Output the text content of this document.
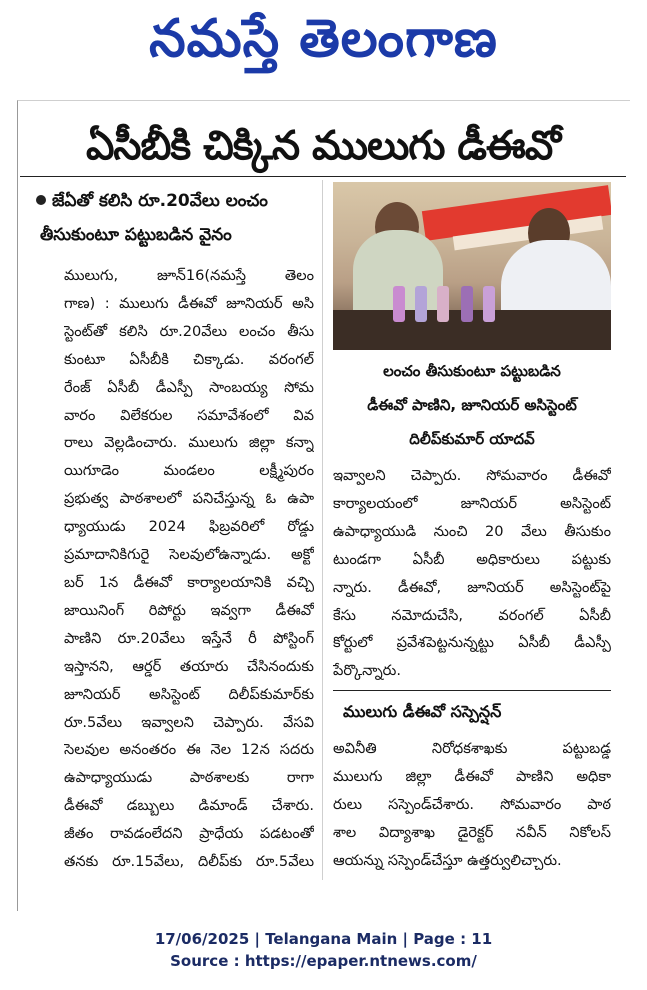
నమస్తే తెలంగాణ
ఏసీబీకి చిక్కిన ములుగు డీఈవో
జేఏతో కలిసి రూ.20వేలు లంచం
తీసుకుంటూ పట్టుబడిన వైనం
ములుగు, జూన్16(నమస్తే తెలం
గాణ) : ములుగు డీఈవో జూనియర్ అసి
స్టెంట్‌తో కలిసి రూ.20వేలు లంచం తీసు
కుంటూ ఏసీబీకి చిక్కాడు. వరంగల్
రేంజ్ ఏసీబీ డీఎస్పీ సాంబయ్య సోమ
వారం విలేకరుల సమావేశంలో వివ
రాలు వెల్లడించారు. ములుగు జిల్లా కన్నా
యిగూడెం మండలం లక్ష్మీపురం
ప్రభుత్వ పాఠశాలలో పనిచేస్తున్న ఓ ఉపా
ధ్యాయుడు 2024 ఫిబ్రవరిలో రోడ్డు
ప్రమాదానికిగురై సెలవులోఉన్నాడు. అక్టో
బర్ 1న డీఈవో కార్యాలయానికి వచ్చి
జాయినింగ్ రిపోర్టు ఇవ్వగా డీఈవో
పాణిని రూ.20వేలు ఇస్తేనే రీ పోస్టింగ్
ఇస్తానని, ఆర్డర్ తయారు చేసినందుకు
జూనియర్ అసిస్టెంట్ దిలీప్‌కుమార్‌కు
రూ.5వేలు ఇవ్వాలని చెప్పారు. వేసవి
సెలవుల అనంతరం ఈ నెల 12న సదరు
ఉపాధ్యాయుడు పాఠశాలకు రాగా
డీఈవో డబ్బులు డిమాండ్ చేశారు.
జీతం రావడంలేదని ప్రాధేయ పడటంతో
తనకు రూ.15వేలు, దిలీప్‌కు రూ.5వేలు
లంచం తీసుకుంటూ పట్టుబడిన
డీఈవో పాణిని, జూనియర్ అసిస్టెంట్
దిలీప్‌కుమార్ యాదవ్
ఇవ్వాలని చెప్పారు. సోమవారం డీఈవో
కార్యాలయంలో జూనియర్ అసిస్టెంట్
ఉపాధ్యాయుడి నుంచి 20 వేలు తీసుకుం
టుండగా ఏసీబీ అధికారులు పట్టుకు
న్నారు. డీఈవో, జూనియర్ అసిస్టెంట్‌పై
కేసు నమోదుచేసి, వరంగల్ ఏసీబీ
కోర్టులో ప్రవేశపెట్టనున్నట్టు ఏసీబీ డీఎస్పీ
పేర్కొన్నారు.
ములుగు డీఈవో సస్పెన్షన్
అవినీతి నిరోధకశాఖకు పట్టుబడ్డ
ములుగు జిల్లా డీఈవో పాణిని అధికా
రులు సస్పెండ్‌చేశారు. సోమవారం పాఠ
శాల విద్యాశాఖ డైరెక్టర్ నవీన్ నికోలస్
ఆయన్ను సస్పెండ్‌చేస్తూ ఉత్తర్వులిచ్చారు.
17/06/2025 | Telangana Main | Page : 11
Source : https://epaper.ntnews.com/
